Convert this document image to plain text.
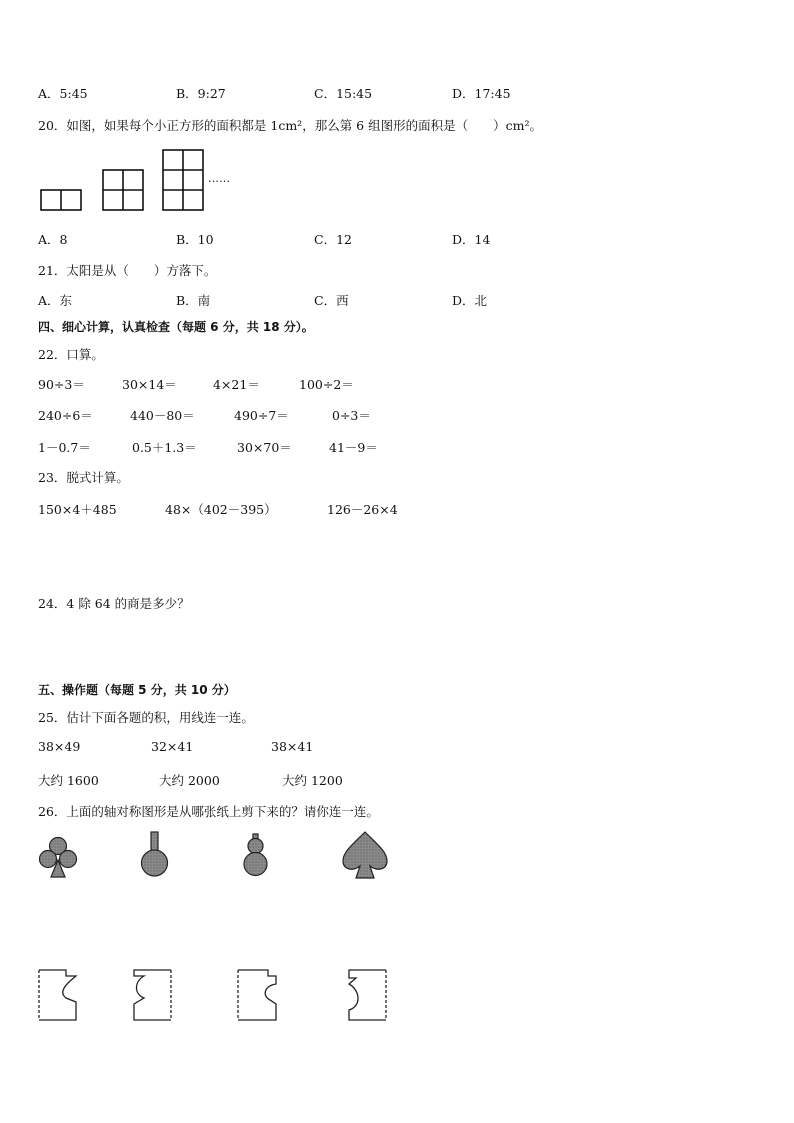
A．5:45	B．9:27	C．15:45	D．17:45
20．如图，如果每个小正方形的面积都是 1cm²，那么第 6 组图形的面积是（　　）cm²。
……
A．8	B．10	C．12	D．14
21．太阳是从（　　）方落下。
A．东	B．南	C．西	D．北
四、细心计算，认真检查（每题 6 分，共 18 分）。
22．口算。
90÷3＝	30×14＝	4×21＝	100÷2＝
240÷6＝	440－80＝	490÷7＝	0÷3＝
1－0.7＝	0.5＋1.3＝	30×70＝	41－9＝
23．脱式计算。
150×4＋485	48×（402－395）	126－26×4
24．4 除 64 的商是多少？
五、操作题（每题 5 分，共 10 分）
25．估计下面各题的积，用线连一连。
38×49	32×41	38×41
大约 1600	大约 2000	大约 1200
26．上面的轴对称图形是从哪张纸上剪下来的？请你连一连。
